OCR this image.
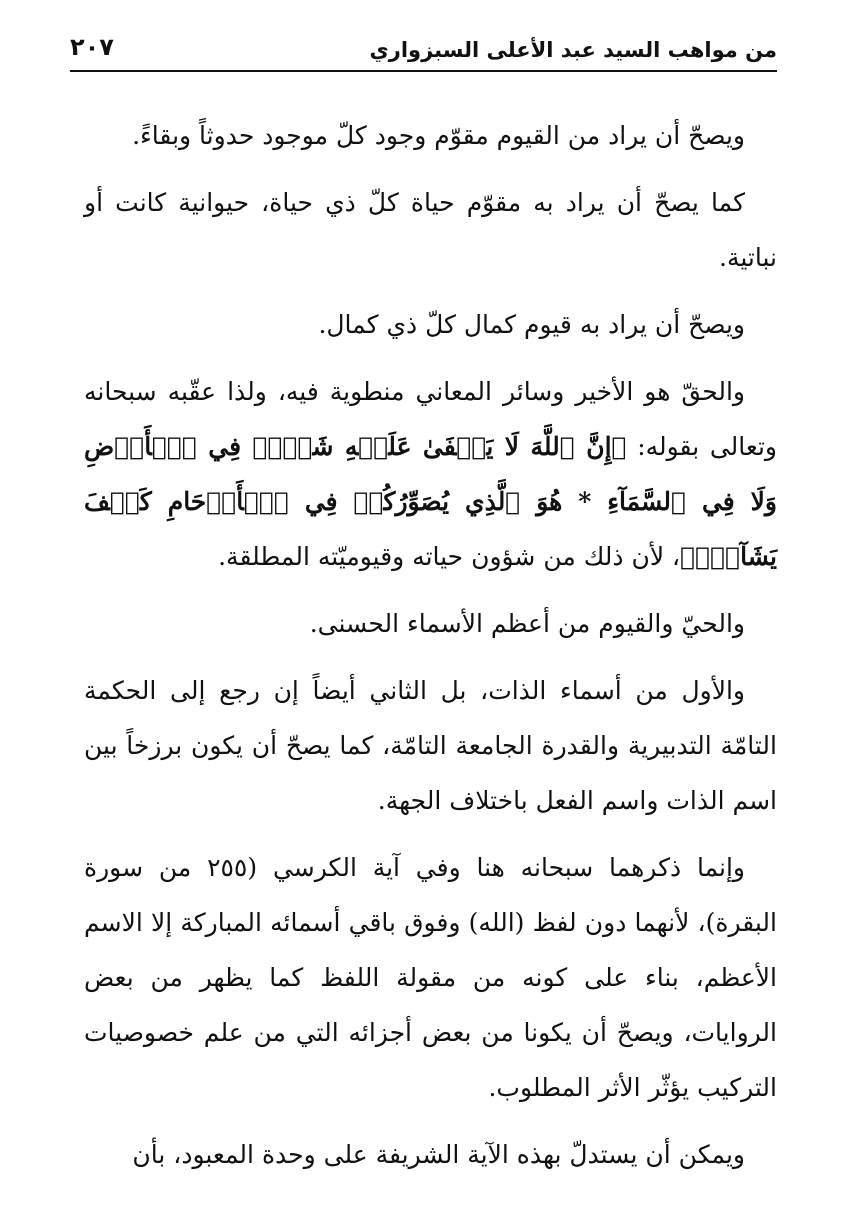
من مواهب السيد عبد الأعلى السبزواري
٢٠٧

ويصحّ أن يراد من القيوم مقوّم وجود كلّ موجود حدوثاً وبقاءً.

كما يصحّ أن يراد به مقوّم حياة كلّ ذي حياة، حيوانية كانت أو نباتية.

ويصحّ أن يراد به قيوم كمال كلّ ذي كمال.

والحقّ هو الأخير وسائر المعاني منطوية فيه، ولذا عقّبه سبحانه وتعالى بقوله: ﴿إِنَّ ٱللَّهَ لَا يَخۡفَىٰ عَلَيۡهِ شَيۡءٞ فِي ٱلۡأَرۡضِ وَلَا فِي ٱلسَّمَآءِ * هُوَ ٱلَّذِي يُصَوِّرُكُمۡ فِي ٱلۡأَرۡحَامِ كَيۡفَ يَشَآءُۚ﴾، لأن ذلك من شؤون حياته وقيوميّته المطلقة.

والحيّ والقيوم من أعظم الأسماء الحسنى.

والأول من أسماء الذات، بل الثاني أيضاً إن رجع إلى الحكمة التامّة التدبيرية والقدرة الجامعة التامّة، كما يصحّ أن يكون برزخاً بين اسم الذات واسم الفعل باختلاف الجهة.

وإنما ذكرهما سبحانه هنا وفي آية الكرسي (٢٥٥ من سورة البقرة)، لأنهما دون لفظ (الله) وفوق باقي أسمائه المباركة إلا الاسم الأعظم، بناء على كونه من مقولة اللفظ كما يظهر من بعض الروايات، ويصحّ أن يكونا من بعض أجزائه التي من علم خصوصيات التركيب يؤثّر الأثر المطلوب.

ويمكن أن يستدلّ بهذه الآية الشريفة على وحدة المعبود، بأن
